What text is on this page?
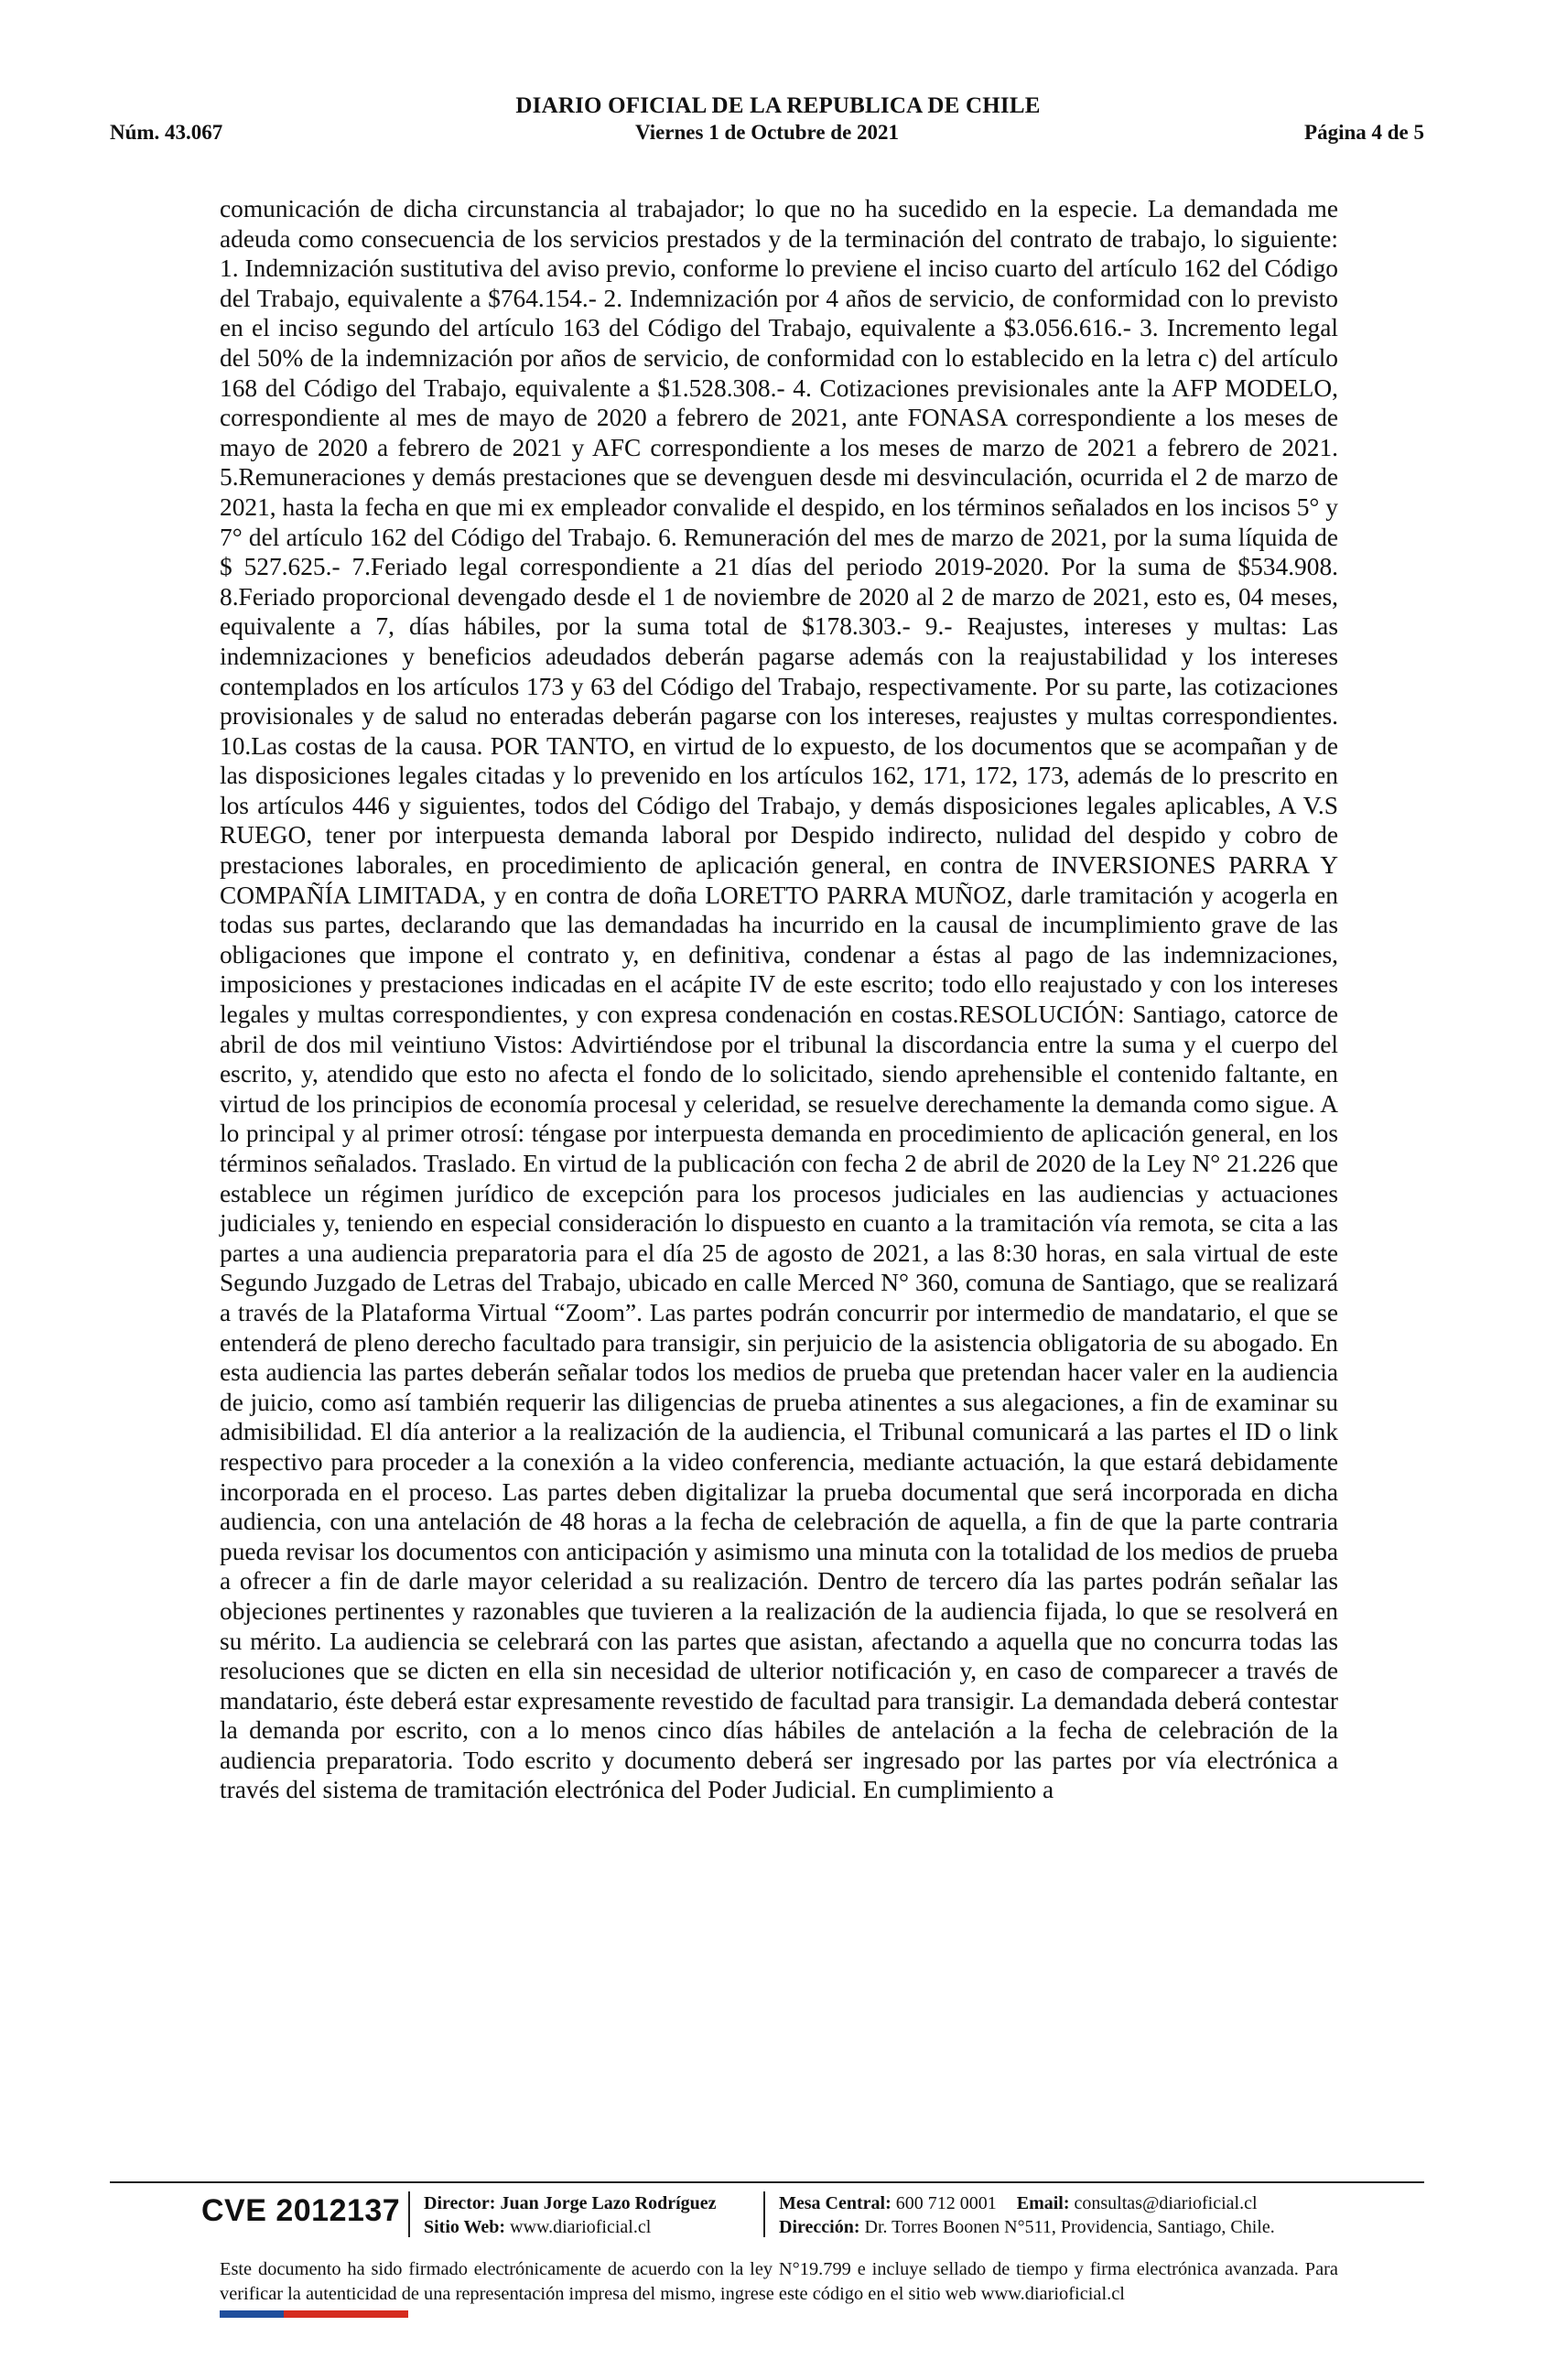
DIARIO OFICIAL DE LA REPUBLICA DE CHILE
Núm. 43.067	Viernes 1 de Octubre de 2021	Página 4 de 5

comunicación de dicha circunstancia al trabajador; lo que no ha sucedido en la especie. La demandada me adeuda como consecuencia de los servicios prestados y de la terminación del contrato de trabajo, lo siguiente: 1. Indemnización sustitutiva del aviso previo, conforme lo previene el inciso cuarto del artículo 162 del Código del Trabajo, equivalente a $764.154.- 2. Indemnización por 4 años de servicio, de conformidad con lo previsto en el inciso segundo del artículo 163 del Código del Trabajo, equivalente a $3.056.616.- 3. Incremento legal del 50% de la indemnización por años de servicio, de conformidad con lo establecido en la letra c) del artículo 168 del Código del Trabajo, equivalente a $1.528.308.- 4. Cotizaciones previsionales ante la AFP MODELO, correspondiente al mes de mayo de 2020 a febrero de 2021, ante FONASA correspondiente a los meses de mayo de 2020 a febrero de 2021 y AFC correspondiente a los meses de marzo de 2021 a febrero de 2021. 5.Remuneraciones y demás prestaciones que se devenguen desde mi desvinculación, ocurrida el 2 de marzo de 2021, hasta la fecha en que mi ex empleador convalide el despido, en los términos señalados en los incisos 5° y 7° del artículo 162 del Código del Trabajo. 6. Remuneración del mes de marzo de 2021, por la suma líquida de $ 527.625.- 7.Feriado legal correspondiente a 21 días del periodo 2019-2020. Por la suma de $534.908. 8.Feriado proporcional devengado desde el 1 de noviembre de 2020 al 2 de marzo de 2021, esto es, 04 meses, equivalente a 7, días hábiles, por la suma total de $178.303.- 9.- Reajustes, intereses y multas: Las indemnizaciones y beneficios adeudados deberán pagarse además con la reajustabilidad y los intereses contemplados en los artículos 173 y 63 del Código del Trabajo, respectivamente. Por su parte, las cotizaciones provisionales y de salud no enteradas deberán pagarse con los intereses, reajustes y multas correspondientes. 10.Las costas de la causa. POR TANTO, en virtud de lo expuesto, de los documentos que se acompañan y de las disposiciones legales citadas y lo prevenido en los artículos 162, 171, 172, 173, además de lo prescrito en los artículos 446 y siguientes, todos del Código del Trabajo, y demás disposiciones legales aplicables, A V.S RUEGO, tener por interpuesta demanda laboral por Despido indirecto, nulidad del despido y cobro de prestaciones laborales, en procedimiento de aplicación general, en contra de INVERSIONES PARRA Y COMPAÑÍA LIMITADA, y en contra de doña LORETTO PARRA MUÑOZ, darle tramitación y acogerla en todas sus partes, declarando que las demandadas ha incurrido en la causal de incumplimiento grave de las obligaciones que impone el contrato y, en definitiva, condenar a éstas al pago de las indemnizaciones, imposiciones y prestaciones indicadas en el acápite IV de este escrito; todo ello reajustado y con los intereses legales y multas correspondientes, y con expresa condenación en costas.RESOLUCIÓN: Santiago, catorce de abril de dos mil veintiuno Vistos: Advirtiéndose por el tribunal la discordancia entre la suma y el cuerpo del escrito, y, atendido que esto no afecta el fondo de lo solicitado, siendo aprehensible el contenido faltante, en virtud de los principios de economía procesal y celeridad, se resuelve derechamente la demanda como sigue. A lo principal y al primer otrosí: téngase por interpuesta demanda en procedimiento de aplicación general, en los términos señalados. Traslado. En virtud de la publicación con fecha 2 de abril de 2020 de la Ley N° 21.226 que establece un régimen jurídico de excepción para los procesos judiciales en las audiencias y actuaciones judiciales y, teniendo en especial consideración lo dispuesto en cuanto a la tramitación vía remota, se cita a las partes a una audiencia preparatoria para el día 25 de agosto de 2021, a las 8:30 horas, en sala virtual de este Segundo Juzgado de Letras del Trabajo, ubicado en calle Merced N° 360, comuna de Santiago, que se realizará a través de la Plataforma Virtual “Zoom”. Las partes podrán concurrir por intermedio de mandatario, el que se entenderá de pleno derecho facultado para transigir, sin perjuicio de la asistencia obligatoria de su abogado. En esta audiencia las partes deberán señalar todos los medios de prueba que pretendan hacer valer en la audiencia de juicio, como así también requerir las diligencias de prueba atinentes a sus alegaciones, a fin de examinar su admisibilidad. El día anterior a la realización de la audiencia, el Tribunal comunicará a las partes el ID o link respectivo para proceder a la conexión a la video conferencia, mediante actuación, la que estará debidamente incorporada en el proceso. Las partes deben digitalizar la prueba documental que será incorporada en dicha audiencia, con una antelación de 48 horas a la fecha de celebración de aquella, a fin de que la parte contraria pueda revisar los documentos con anticipación y asimismo una minuta con la totalidad de los medios de prueba a ofrecer a fin de darle mayor celeridad a su realización. Dentro de tercero día las partes podrán señalar las objeciones pertinentes y razonables que tuvieren a la realización de la audiencia fijada, lo que se resolverá en su mérito. La audiencia se celebrará con las partes que asistan, afectando a aquella que no concurra todas las resoluciones que se dicten en ella sin necesidad de ulterior notificación y, en caso de comparecer a través de mandatario, éste deberá estar expresamente revestido de facultad para transigir. La demandada deberá contestar la demanda por escrito, con a lo menos cinco días hábiles de antelación a la fecha de celebración de la audiencia preparatoria. Todo escrito y documento deberá ser ingresado por las partes por vía electrónica a través del sistema de tramitación electrónica del Poder Judicial. En cumplimiento a

CVE 2012137	Director: Juan Jorge Lazo Rodríguez
Sitio Web: www.diarioficial.cl
Mesa Central: 600 712 0001 Email: consultas@diarioficial.cl
Dirección: Dr. Torres Boonen N°511, Providencia, Santiago, Chile.

Este documento ha sido firmado electrónicamente de acuerdo con la ley N°19.799 e incluye sellado de tiempo y firma electrónica avanzada. Para verificar la autenticidad de una representación impresa del mismo, ingrese este código en el sitio web www.diarioficial.cl
